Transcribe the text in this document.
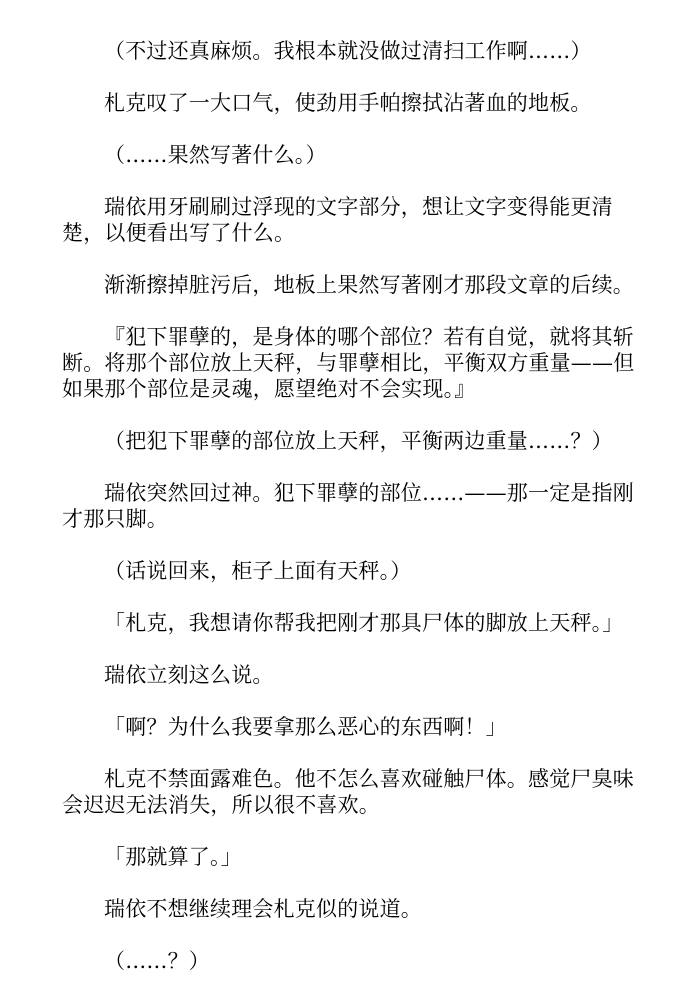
（不过还真麻烦。我根本就没做过清扫工作啊……）

札克叹了一大口气，使劲用手帕擦拭沾著血的地板。

（……果然写著什么。）

瑞依用牙刷刷过浮现的文字部分，想让文字变得能更清楚，以便看出写了什么。

渐渐擦掉脏污后，地板上果然写著刚才那段文章的后续。

『犯下罪孽的，是身体的哪个部位？若有自觉，就将其斩断。将那个部位放上天秤，与罪孽相比，平衡双方重量——但如果那个部位是灵魂，愿望绝对不会实现。』

（把犯下罪孽的部位放上天秤，平衡两边重量……？）

瑞依突然回过神。犯下罪孽的部位……——那一定是指刚才那只脚。

（话说回来，柜子上面有天秤。）

「札克，我想请你帮我把刚才那具尸体的脚放上天秤。」

瑞依立刻这么说。

「啊？为什么我要拿那么恶心的东西啊！」

札克不禁面露难色。他不怎么喜欢碰触尸体。感觉尸臭味会迟迟无法消失，所以很不喜欢。

「那就算了。」

瑞依不想继续理会札克似的说道。

（……？）
